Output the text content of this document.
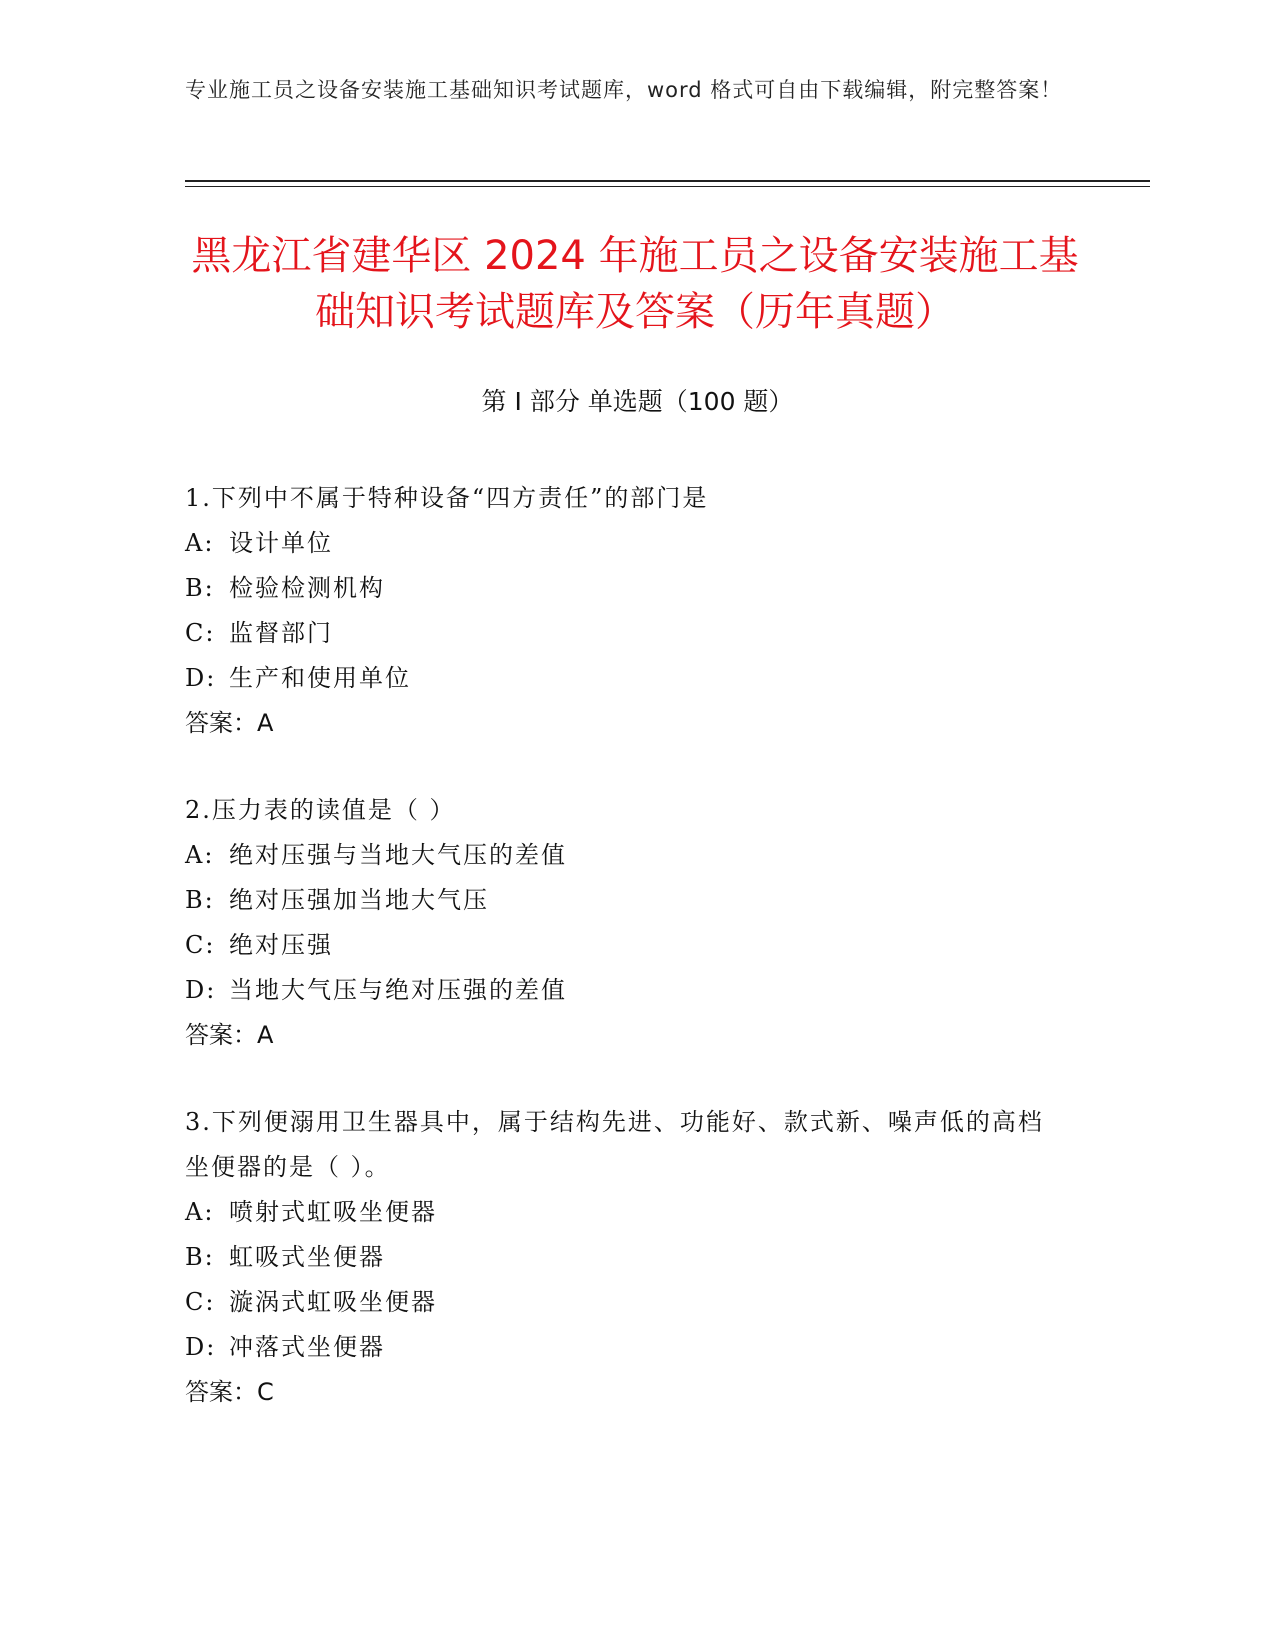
专业施工员之设备安装施工基础知识考试题库，word 格式可自由下载编辑，附完整答案！
黑龙江省建华区 2024 年施工员之设备安装施工基础知识考试题库及答案（历年真题）
第 I 部分 单选题（100 题）
1.下列中不属于特种设备“四方责任”的部门是
A: 设计单位
B: 检验检测机构
C: 监督部门
D: 生产和使用单位
答案：A
2.压力表的读值是（ ）
A: 绝对压强与当地大气压的差值
B: 绝对压强加当地大气压
C: 绝对压强
D: 当地大气压与绝对压强的差值
答案：A
3.下列便溺用卫生器具中，属于结构先进、功能好、款式新、噪声低的高档坐便器的是（ ）。
A: 喷射式虹吸坐便器
B: 虹吸式坐便器
C: 漩涡式虹吸坐便器
D: 冲落式坐便器
答案：C
